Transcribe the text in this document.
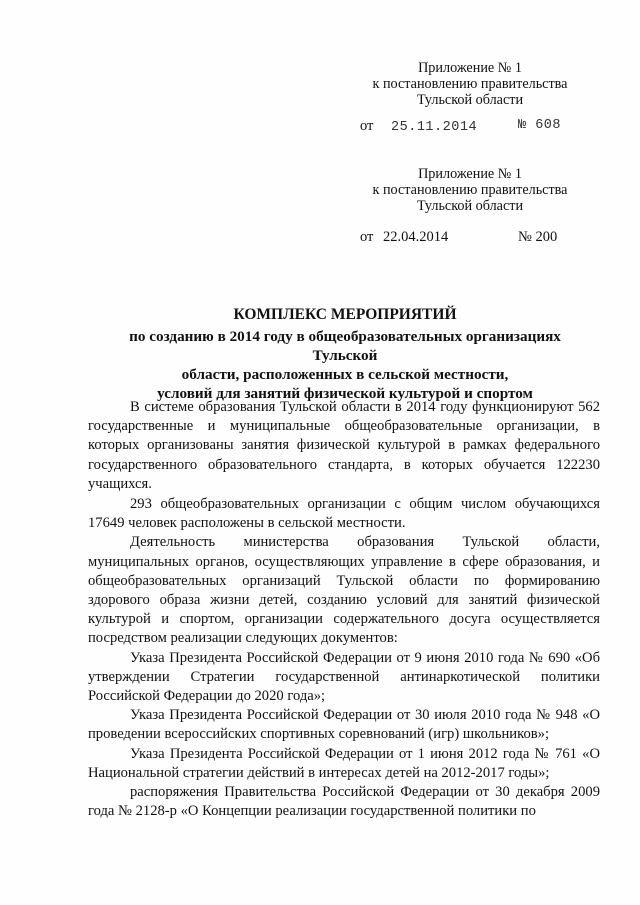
Приложение № 1
к постановлению правительства
Тульской области
от 25.11.2014	№ 608
Приложение № 1
к постановлению правительства
Тульской области
от 22.04.2014	№ 200
КОМПЛЕКС МЕРОПРИЯТИЙ
по созданию в 2014 году в общеобразовательных организациях Тульской
области, расположенных в сельской местности,
условий для занятий физической культурой и спортом

В системе образования Тульской области в 2014 году функционируют 562 государственные и муниципальные общеобразовательные организации, в которых организованы занятия физической культурой в рамках федерального государственного образовательного стандарта, в которых обучается 122230 учащихся.

293 общеобразовательных организации с общим числом обучающихся 17649 человек расположены в сельской местности.

Деятельность министерства образования Тульской области, муниципальных органов, осуществляющих управление в сфере образования, и общеобразовательных организаций Тульской области по формированию здорового образа жизни детей, созданию условий для занятий физической культурой и спортом, организации содержательного досуга осуществляется посредством реализации следующих документов:

Указа Президента Российской Федерации от 9 июня 2010 года № 690 «Об утверждении Стратегии государственной антинаркотической политики Российской Федерации до 2020 года»;

Указа Президента Российской Федерации от 30 июля 2010 года № 948 «О проведении всероссийских спортивных соревнований (игр) школьников»;

Указа Президента Российской Федерации от 1 июня 2012 года № 761 «О Национальной стратегии действий в интересах детей на 2012-2017 годы»;

распоряжения Правительства Российской Федерации от 30 декабря 2009 года № 2128-р «О Концепции реализации государственной политики по
